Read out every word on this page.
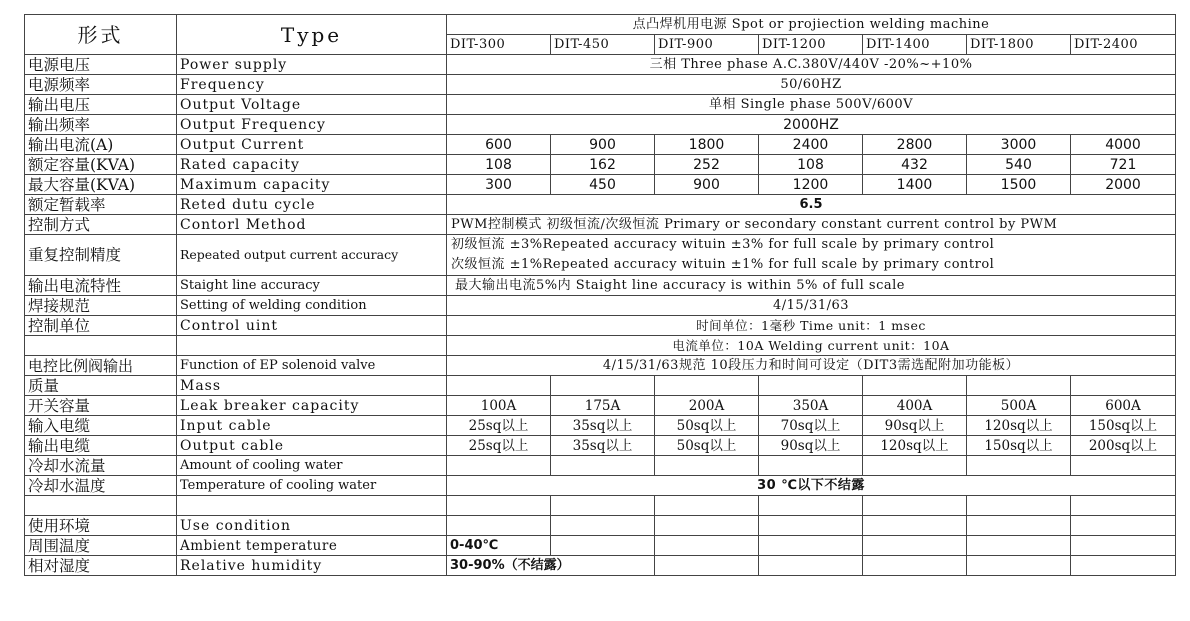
形式	Type	点凸焊机用电源 Spot or projiection welding machine						
		DIT-300	DIT-450	DIT-900	DIT-1200	DIT-1400	DIT-1800	DIT-2400
电源电压	Power supply	三相 Three phase A.C.380V/440V -20%~+10%						
电源频率	Frequency	50/60HZ						
输出电压	Output Voltage	单相 Single phase 500V/600V						
输出频率	Output Frequency	2000HZ						
输出电流(A)	Output Current	600	900	1800	2400	2800	3000	4000
额定容量(KVA)	Rated capacity	108	162	252	108	432	540	721
最大容量(KVA)	Maximum capacity	300	450	900	1200	1400	1500	2000
额定暂载率	Reted dutu cycle	6.5						
控制方式	Contorl Method	PWM控制模式 初级恒流/次级恒流 Primary or secondary constant current control by PWM						
重复控制精度	Repeated output current accuracy	初级恒流 ±3%Repeated accuracy wituin ±3% for full scale by primary control
次级恒流 ±1%Repeated accuracy wituin ±1% for full scale by primary control						

输出电流特性	Staight line accuracy	最大输出电流5%内 Staight line accuracy is within 5% of full scale						
焊接规范	Setting of welding condition	4/15/31/63						
控制单位	Control uint	时间单位：1毫秒 Time unit：1 msec						
		电流单位：10A Welding current unit：10A						
电控比例阀输出	Function of EP solenoid valve	4/15/31/63规范 10段压力和时间可设定（DIT3需选配附加功能板）						
质量	Mass							
开关容量	Leak breaker capacity	100A	175A	200A	350A	400A	500A	600A
输入电缆	Input cable	25sq以上	35sq以上	50sq以上	70sq以上	90sq以上	120sq以上	150sq以上
输出电缆	Output cable	25sq以上	35sq以上	50sq以上	90sq以上	120sq以上	150sq以上	200sq以上
冷却水流量	Amount of cooling water							
冷却水温度	Temperature of cooling water	30 ℃以下不结露						

使用环境	Use condition							
周围温度	Ambient temperature	0-40℃						
相对湿度	Relative humidity	30-90%（不结露）						
